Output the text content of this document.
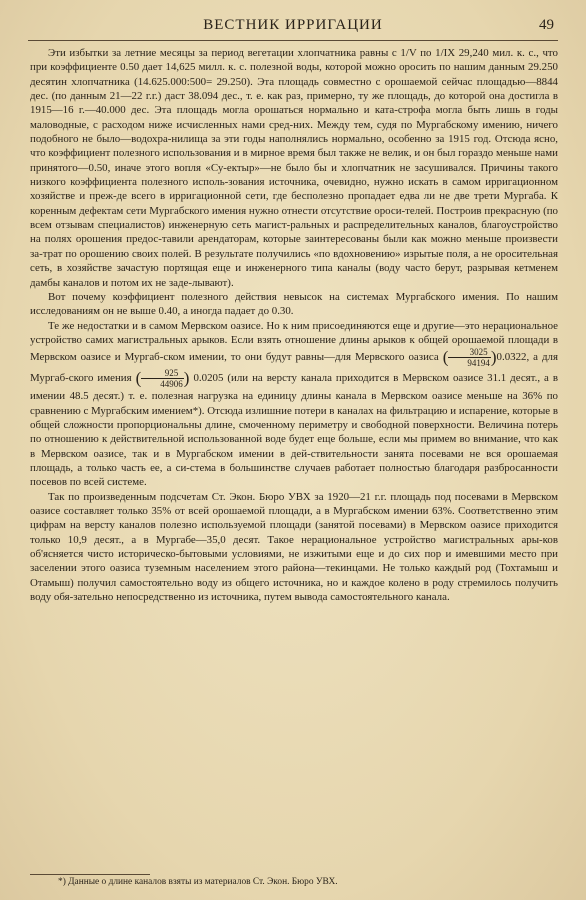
ВЕСТНИК ИРРИГАЦИИ	49

Эти избытки за летние месяцы за период вегетации хлопчатника равны с 1/V по 1/IX 29,240 мил. к. с., что при коэффициенте 0.50 дает 14,625 милл. к. с. полезной воды, которой можно оросить по нашим данным 29.250 десятин хлопчатника (14.625.000:500= 29.250). Эта площадь совместно с орошаемой сейчас площадью—8844 дес. (по данным 21—22 г.г.) даст 38.094 дес., т. е. как раз, примерно, ту же площадь, до которой она достигла в 1915—16 г.—40.000 дес. Эта площадь могла орошаться нормально и ката-строфа могла быть лишь в годы маловодные, с расходом ниже исчисленных нами сред-них. Между тем, судя по Мургабскому имению, ничего подобного не было—водохра-нилища за эти годы наполнялись нормально, особенно за 1915 год. Отсюда ясно, что коэффициент полезного использования и в мирное время был также не велик, и он был гораздо меньше нами принятого—0.50, иначе этого вопля «Су-ектыр»—не было бы и хлопчатник не засушивался. Причины такого низкого коэффициента полезного исполь-зования источника, очевидно, нужно искать в самом ирригационном хозяйстве и преж-де всего в ирригационной сети, где бесполезно пропадает едва ли не две трети Мургаба. К коренным дефектам сети Мургабского имения нужно отнести отсутствие ороси-телей. Построив прекрасную (по всем отзывам специалистов) инженерную сеть магист-ральных и распределительных каналов, благоустройство на полях орошения предос-тавили арендаторам, которые заинтересованы были как можно меньше произвести за-трат по орошению своих полей. В результате получились «по вдохновению» изрытые поля, а не оросительная сеть, в хозяйстве зачастую портящая еще и инженерного типа каналы (воду часто берут, разрывая кетменем дамбы каналов и потом их не заде-лывают).

Вот почему коэффициент полезного действия невысок на системах Мургабского имения. По нашим исследованиям он не выше 0.40, а иногда падает до 0.30.

Те же недостатки и в самом Мервском оазисе. Но к ним присоединяются еще и другие—это нерациональное устройство самих магистральных арыков. Если взять отношение длины арыков к общей орошаемой площади в Мервском оазисе и Мургаб-ском имении, то они будут равны—для Мервского оазиса ( $\frac{3025}{94194} )0.0322$, а для Мургаб-ского имения ( $\frac{925}{44906}$ ) 0.0205 (или на версту канала приходится в Мервском оазисе 31.1 десят., а в имении 48.5 десят.) т. е. полезная нагрузка на единицу длины канала в Мервском оазисе меньше на 36% по сравнению с Мургабским имением*). Отсюда излишние потери в каналах на фильтрацию и испарение, которые в общей сложности пропорциональны длине, смоченному периметру и свободной поверхности. Величина потерь по отношению к действительной использованной воде будет еще больше, если мы примем во внимание, что как в Мервском оазисе, так и в Мургабском имении в дей-ствительности занята посевами не вся орошаемая площадь, а только часть ее, а си-стема в большинстве случаев работает полностью благодаря разбросанности посевов по всей системе.

Так по произведенным подсчетам Ст. Экон. Бюро УВХ за 1920—21 г.г. площадь под посевами в Мервском оазисе составляет только 35% от всей орошаемой площади, а в Мургабском имении 63%. Соответственно этим цифрам на версту каналов полезно используемой площади (занятой посевами) в Мервском оазисе приходится только 10,9 десят., а в Мургабе—35,0 десят. Такое нерациональное устройство магистральных ары-ков об'ясняется чисто историческо-бытовыми условиями, не изжитыми еще и до сих пор и имевшими место при заселении этого оазиса туземным населением этого района—текинцами. Не только каждый род (Тохтамыш и Отамыш) получил самостоятельно воду из общего источника, но и каждое колено в роду стремилось получить воду обя-зательно непосредственно из источника, путем вывода самостоятельного канала.

*) Данные о длине каналов взяты из материалов Ст. Экон. Бюро УВХ.
